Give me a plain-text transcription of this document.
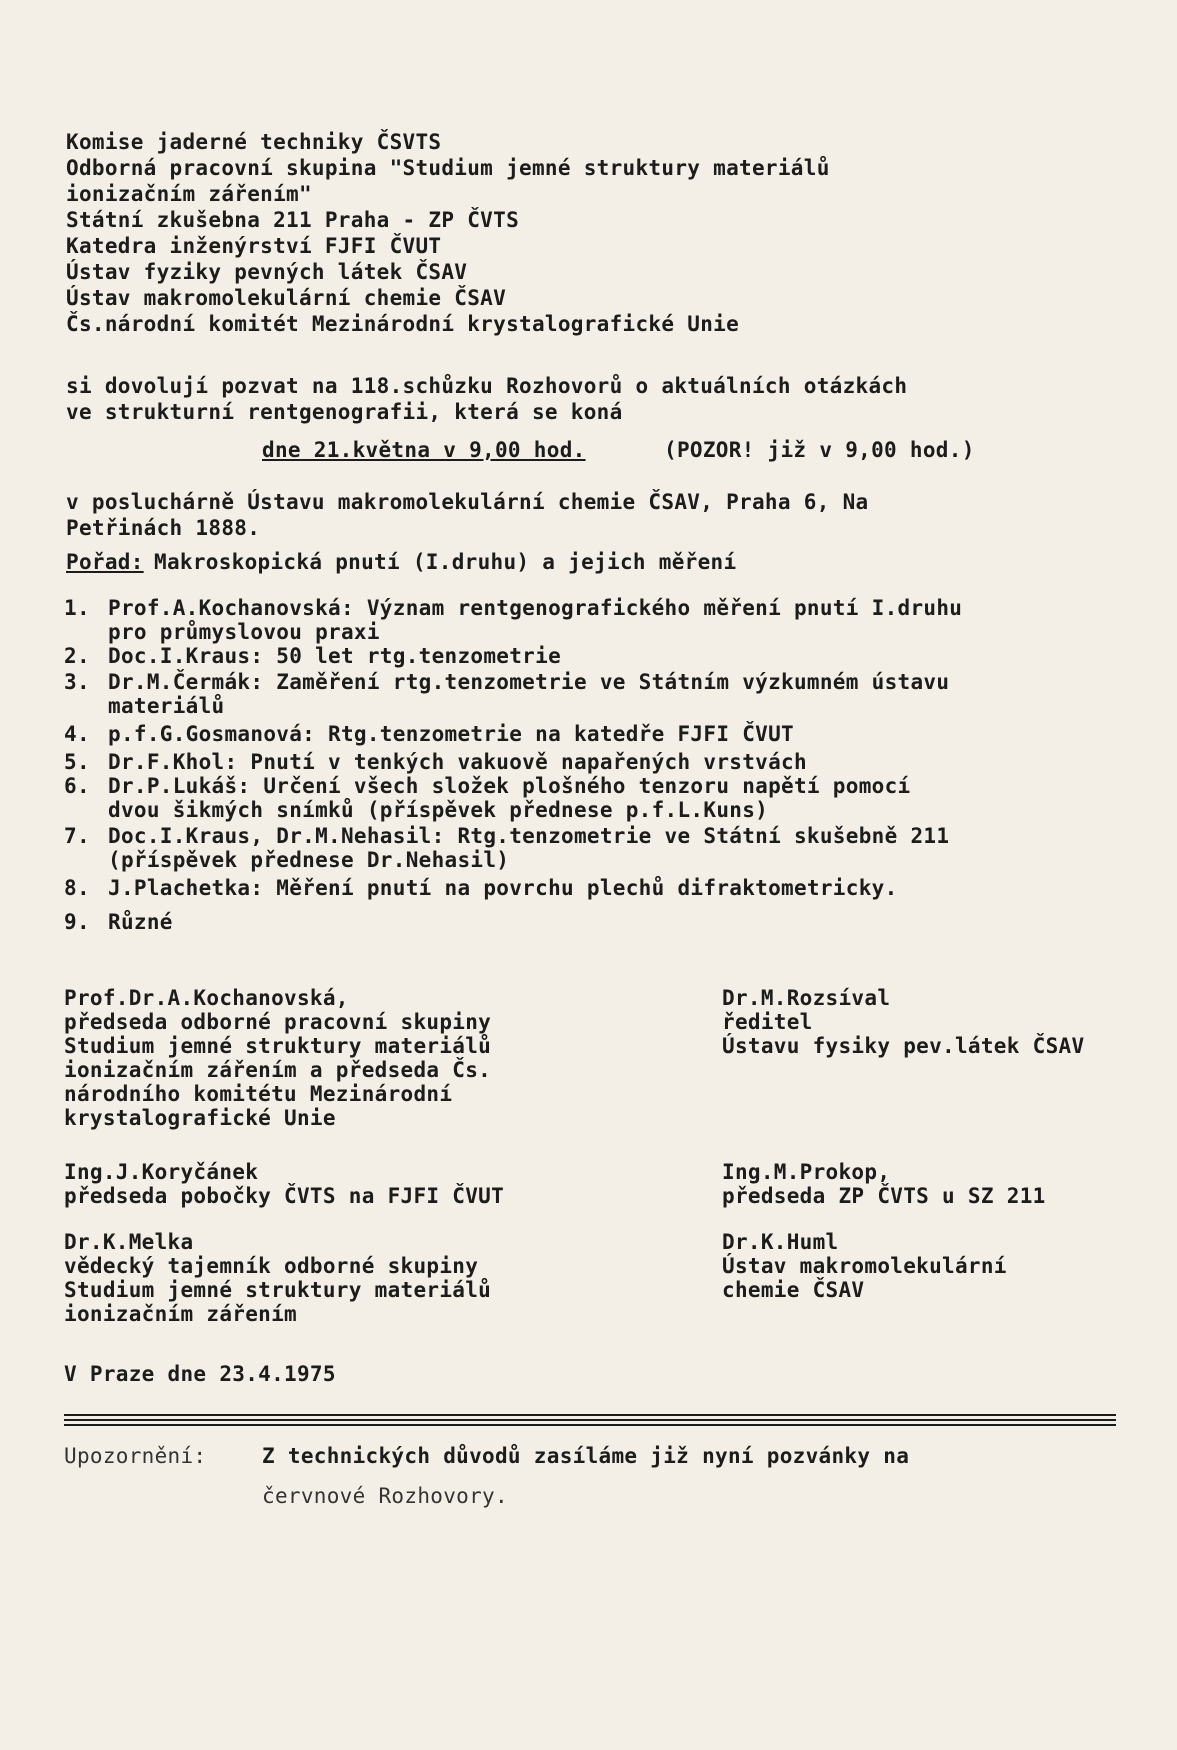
Komise jaderné techniky ČSVTS
Odborná pracovní skupina "Studium jemné struktury materiálů
ionizačním zářením"
Státní zkušebna 211 Praha - ZP ČVTS
Katedra inženýrství FJFI ČVUT
Ústav fyziky pevných látek ČSAV
Ústav makromolekulární chemie ČSAV
Čs.národní komitét Mezinárodní krystalografické Unie
si dovolují pozvat na 118.schůzku Rozhovorů o aktuálních otázkách
ve strukturní rentgenografii, která se koná
dne 21.května v 9,00 hod.	(POZOR! již v 9,00 hod.)
v posluchárně Ústavu makromolekulární chemie ČSAV, Praha 6, Na
Petřinách 1888.
Pořad: Makroskopická pnutí (I.druhu) a jejich měření
1. Prof.A.Kochanovská: Význam rentgenografického měření pnutí I.druhu
pro průmyslovou praxi
2. Doc.I.Kraus: 50 let rtg.tenzometrie
3. Dr.M.Čermák: Zaměření rtg.tenzometrie ve Státním výzkumném ústavu
materiálů
4. p.f.G.Gosmanová: Rtg.tenzometrie na katedře FJFI ČVUT
5. Dr.F.Khol: Pnutí v tenkých vakuově napařených vrstvách
6. Dr.P.Lukáš: Určení všech složek plošného tenzoru napětí pomocí
dvou šikmých snímků (příspěvek přednese p.f.L.Kuns)
7. Doc.I.Kraus, Dr.M.Nehasil: Rtg.tenzometrie ve Státní skušebně 211
(příspěvek přednese Dr.Nehasil)
8. J.Plachetka: Měření pnutí na povrchu plechů difraktometricky.
9. Různé
Prof.Dr.A.Kochanovská,
předseda odborné pracovní skupiny
Studium jemné struktury materiálů
ionizačním zářením a předseda Čs.
národního komitétu Mezinárodní
krystalografické Unie
Dr.M.Rozsíval
ředitel
Ústavu fysiky pev.látek ČSAV
Ing.J.Koryčánek
předseda pobočky ČVTS na FJFI ČVUT
Ing.M.Prokop,
předseda ZP ČVTS u SZ 211
Dr.K.Melka
vědecký tajemník odborné skupiny
Studium jemné struktury materiálů
ionizačním zářením
Dr.K.Huml
Ústav makromolekulární
chemie ČSAV
V Praze dne 23.4.1975
Upozornění:	Z technických důvodů zasíláme již nyní pozvánky na
červnové Rozhovory.
